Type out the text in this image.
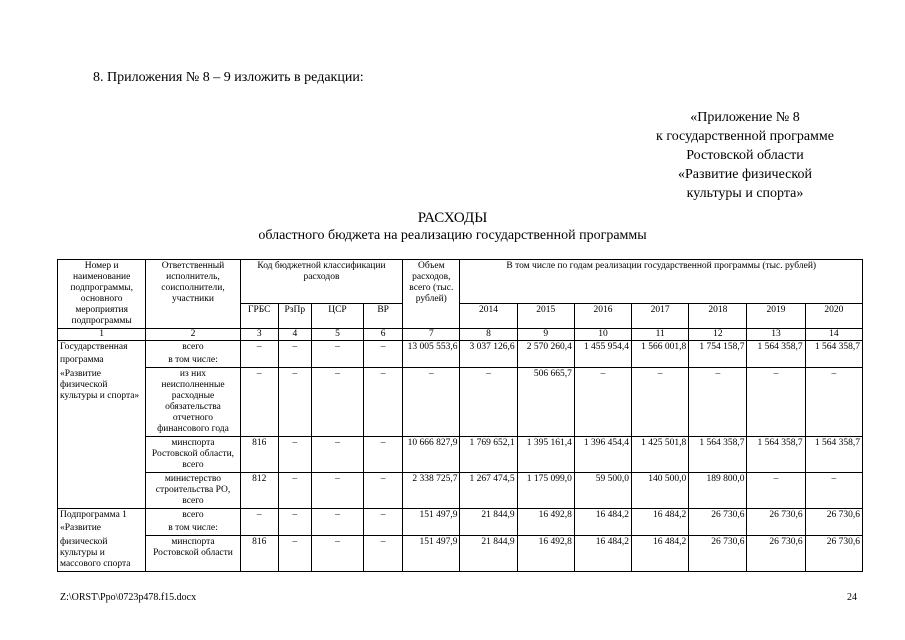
8. Приложения № 8 – 9 изложить в редакции:
«Приложение № 8
к государственной программе
Ростовской области
«Развитие физической
культуры и спорта»
РАСХОДЫ
областного бюджета на реализацию государственной программы
Номер и наименование подпрограммы, основного мероприятия подпрограммы	Ответственный исполнитель, соисполнители, участники	Код бюджетной классификации расходов				Объем расходов, всего (тыс. рублей)	В том числе по годам реализации государственной программы (тыс. рублей)						
		ГРБС	РзПр	ЦСР	ВР		2014	2015	2016	2017	2018	2019	2020
1	2	3	4	5	6	7	8	9	10	11	12	13	14
Государственная	всего	–	–	–	–	13 005 553,6	3 037 126,6	2 570 260,4	1 455 954,4	1 566 001,8	1 754 158,7	1 564 358,7	1 564 358,7
программа	в том числе:												
«Развитие физической культуры и спорта»	из них неисполненные расходные обязательства отчетного финансового года	–	–	–	–	–	–	506 665,7	–	–	–	–	–
	минспорта Ростовской области, всего	816	–	–	–	10 666 827,9	1 769 652,1	1 395 161,4	1 396 454,4	1 425 501,8	1 564 358,7	1 564 358,7	1 564 358,7
	министерство строительства РО, всего	812	–	–	–	2 338 725,7	1 267 474,5	1 175 099,0	59 500,0	140 500,0	189 800,0	–	–
Подпрограмма 1	всего	–	–	–	–	151 497,9	21 844,9	16 492,8	16 484,2	16 484,2	26 730,6	26 730,6	26 730,6
«Развитие	в том числе:												
физической культуры и массового спорта	минспорта Ростовской области	816	–	–	–	151 497,9	21 844,9	16 492,8	16 484,2	16 484,2	26 730,6	26 730,6	26 730,6
Z:\ORST\Ppo\0723p478.f15.docx	24
